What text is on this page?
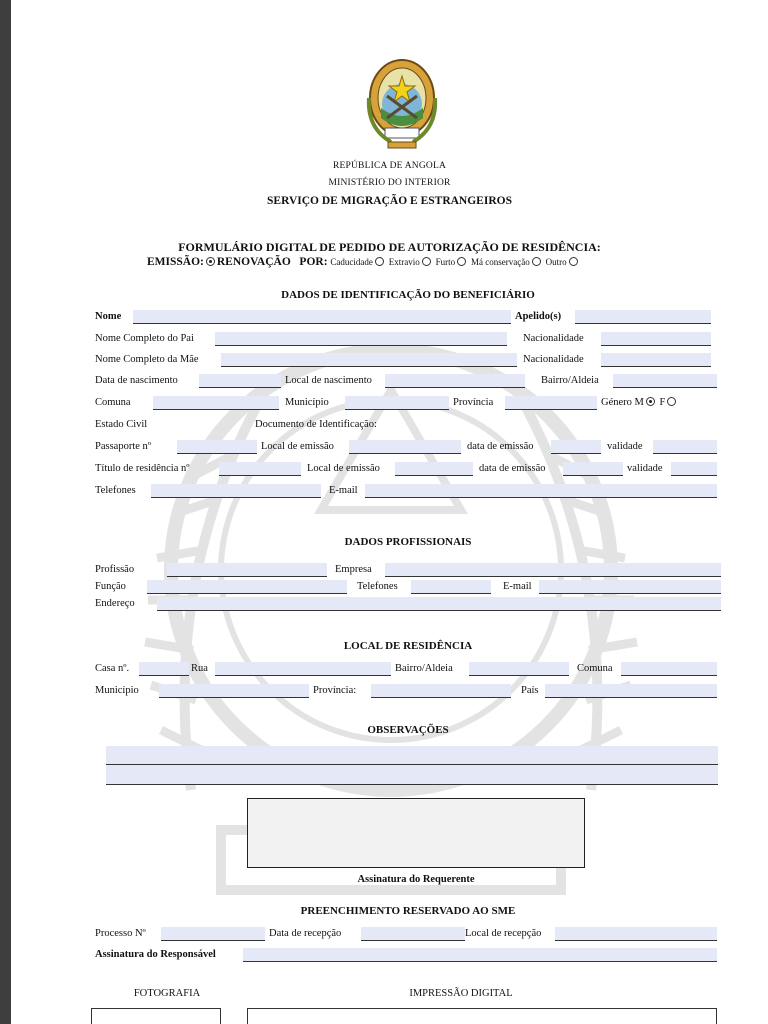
REPÚBLICA DE ANGOLA
MINISTÉRIO DO INTERIOR
SERVIÇO DE MIGRAÇÃO E ESTRANGEIROS
FORMULÁRIO DIGITAL DE PEDIDO DE AUTORIZAÇÃO DE RESIDÊNCIA:
EMISSÃO: RENOVAÇÃO POR: Caducidade Extravio Furto Má conservação Outro
DADOS DE IDENTIFICAÇÃO DO BENEFICIÁRIO
Nome	Apelido(s)
Nome Completo do Pai	Nacionalidade
Nome Completo da Mãe	Nacionalidade
Data de nascimento	Local de nascimento	Bairro/Aldeia
Comuna	Município	Província	Género M F
Estado Civil	Documento de Identificação:
Passaporte nº	Local de emissão	data de emissão	validade
Título de residência nº	Local de emissão	data de emissão	validade
Telefones	E-mail
DADOS PROFISSIONAIS
Profissão	Empresa
Função	Telefones	E-mail
Endereço
LOCAL DE RESIDÊNCIA
Casa nº.	Rua	Bairro/Aldeia	Comuna
Município	Província:	País
OBSERVAÇÕES
Assinatura do Requerente
PREENCHIMENTO RESERVADO AO SME
Processo Nº	Data de recepção	Local de recepção
Assinatura do Responsável
FOTOGRAFIA	IMPRESSÃO DIGITAL
